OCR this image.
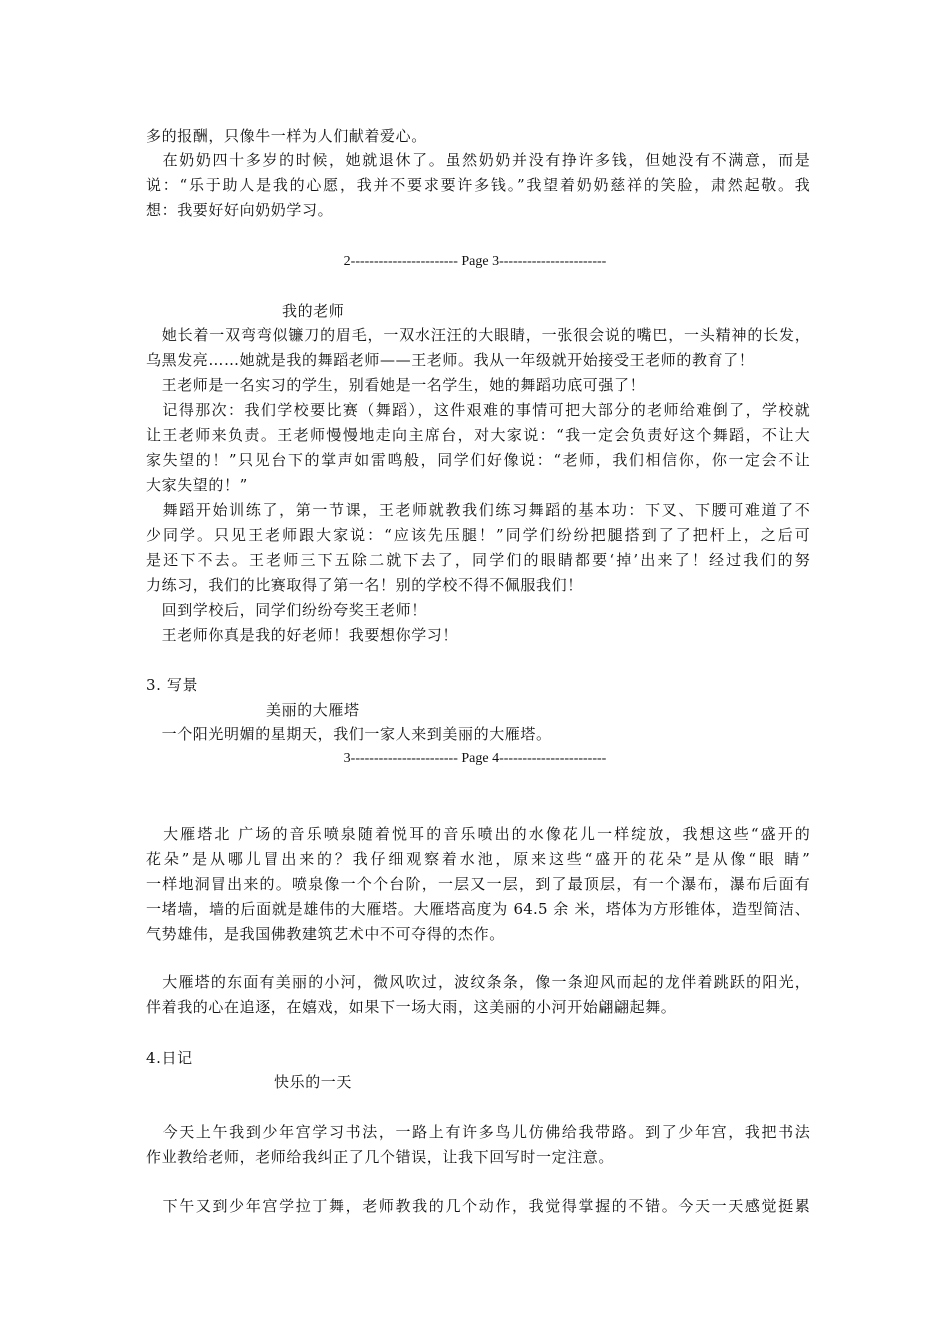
多的报酬，只像牛一样为人们献着爱心。
　在奶奶四十多岁的时候，她就退休了。虽然奶奶并没有挣许多钱，但她没有不满意，而是
说：“乐于助人是我的心愿，我并不要求要许多钱。”我望着奶奶慈祥的笑脸，肃然起敬。我
想：我要好好向奶奶学习。
2----------------------- Page 3-----------------------
我的老师
　她长着一双弯弯似镰刀的眉毛，一双水汪汪的大眼睛，一张很会说的嘴巴，一头精神的长发，
乌黑发亮……她就是我的舞蹈老师——王老师。我从一年级就开始接受王老师的教育了！
　王老师是一名实习的学生，别看她是一名学生，她的舞蹈功底可强了！
　记得那次：我们学校要比赛（舞蹈），这件艰难的事情可把大部分的老师给难倒了，学校就
让王老师来负责。王老师慢慢地走向主席台，对大家说：“我一定会负责好这个舞蹈，不让大
家失望的！”只见台下的掌声如雷鸣般，同学们好像说：“老师，我们相信你，你一定会不让
大家失望的！”
　舞蹈开始训练了，第一节课，王老师就教我们练习舞蹈的基本功：下叉、下腰可难道了不
少同学。只见王老师跟大家说：“应该先压腿！”同学们纷纷把腿搭到了了把杆上，之后可
是还下不去。王老师三下五除二就下去了，同学们的眼睛都要‘掉’出来了！经过我们的努
力练习，我们的比赛取得了第一名！别的学校不得不佩服我们！
　回到学校后，同学们纷纷夸奖王老师！
　王老师你真是我的好老师！我要想你学习！
3. 写景
美丽的大雁塔
　一个阳光明媚的星期天，我们一家人来到美丽的大雁塔。
3----------------------- Page 4-----------------------
　大雁塔北 广场的音乐喷泉随着悦耳的音乐喷出的水像花儿一样绽放，我想这些“盛开的
花朵”是从哪儿冒出来的？我仔细观察着水池，原来这些“盛开的花朵”是从像“眼 睛”
一样地洞冒出来的。喷泉像一个个台阶，一层又一层，到了最顶层，有一个瀑布，瀑布后面有
一堵墙，墙的后面就是雄伟的大雁塔。大雁塔高度为 64.5 余 米，塔体为方形锥体，造型简洁、
气势雄伟，是我国佛教建筑艺术中不可夺得的杰作。
　大雁塔的东面有美丽的小河，微风吹过，波纹条条，像一条迎风而起的龙伴着跳跃的阳光，
伴着我的心在追逐，在嬉戏，如果下一场大雨，这美丽的小河开始翩翩起舞。
4.日记
快乐的一天
　今天上午我到少年宫学习书法，一路上有许多鸟儿仿佛给我带路。到了少年宫，我把书法
作业教给老师，老师给我纠正了几个错误，让我下回写时一定注意。
　下午又到少年宫学拉丁舞，老师教我的几个动作，我觉得掌握的不错。今天一天感觉挺累
